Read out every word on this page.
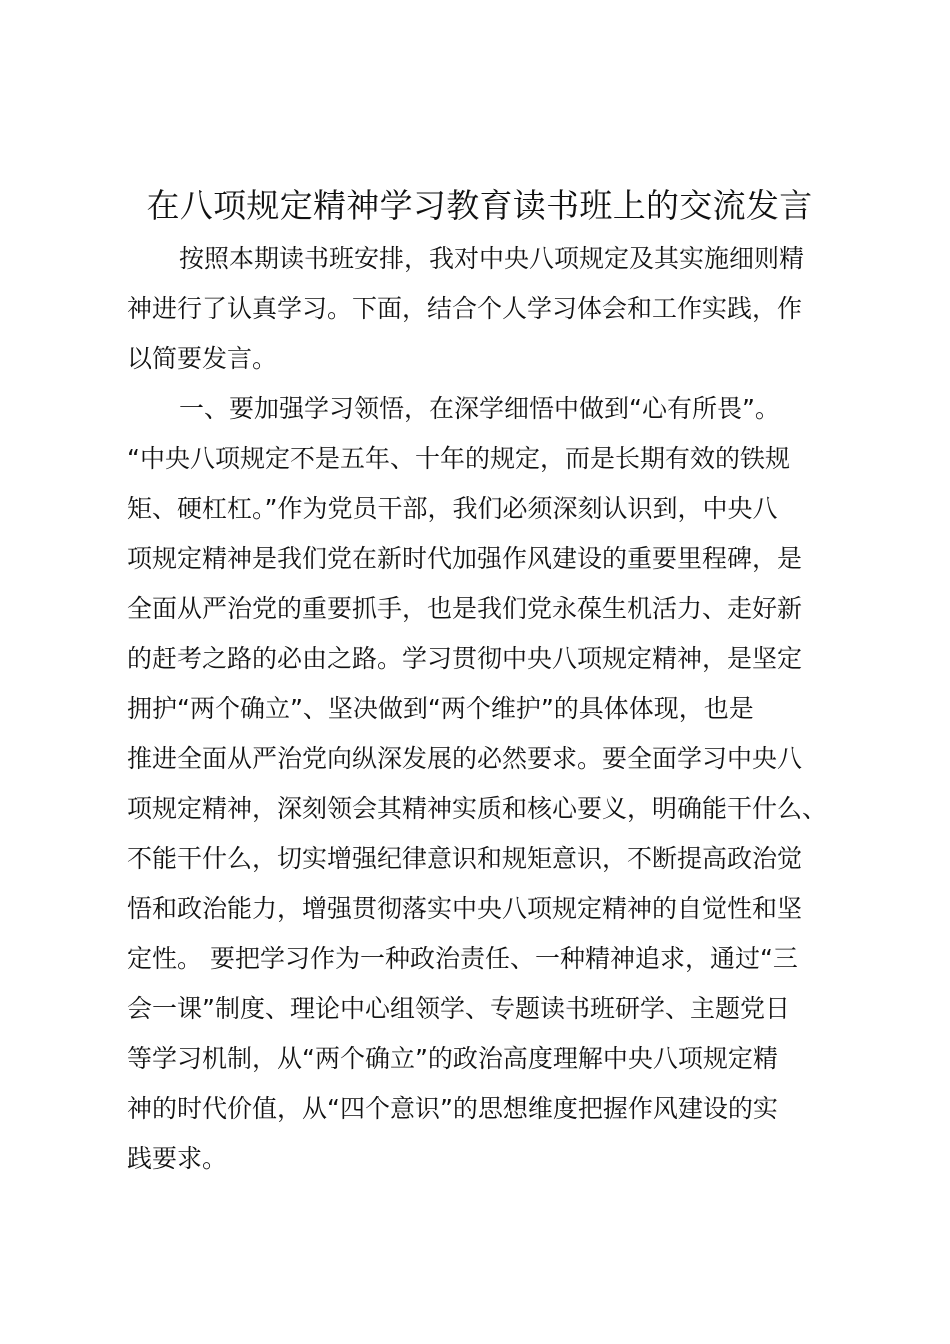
在八项规定精神学习教育读书班上的交流发言
按照本期读书班安排，我对中央八项规定及其实施细则精
神进行了认真学习。下面，结合个人学习体会和工作实践，作
以简要发言。
一、要加强学习领悟，在深学细悟中做到“心有所畏”。
“中央八项规定不是五年、十年的规定，而是长期有效的铁规
矩、硬杠杠。”作为党员干部，我们必须深刻认识到，中央八
项规定精神是我们党在新时代加强作风建设的重要里程碑，是
全面从严治党的重要抓手，也是我们党永葆生机活力、走好新
的赶考之路的必由之路。学习贯彻中央八项规定精神，是坚定
拥护“两个确立”、坚决做到“两个维护”的具体体现，也是
推进全面从严治党向纵深发展的必然要求。要全面学习中央八
项规定精神，深刻领会其精神实质和核心要义，明确能干什么、
不能干什么，切实增强纪律意识和规矩意识，不断提高政治觉
悟和政治能力，增强贯彻落实中央八项规定精神的自觉性和坚
定性。 要把学习作为一种政治责任、一种精神追求，通过“三
会一课”制度、理论中心组领学、专题读书班研学、主题党日
等学习机制，从“两个确立”的政治高度理解中央八项规定精
神的时代价值，从“四个意识”的思想维度把握作风建设的实
践要求。
